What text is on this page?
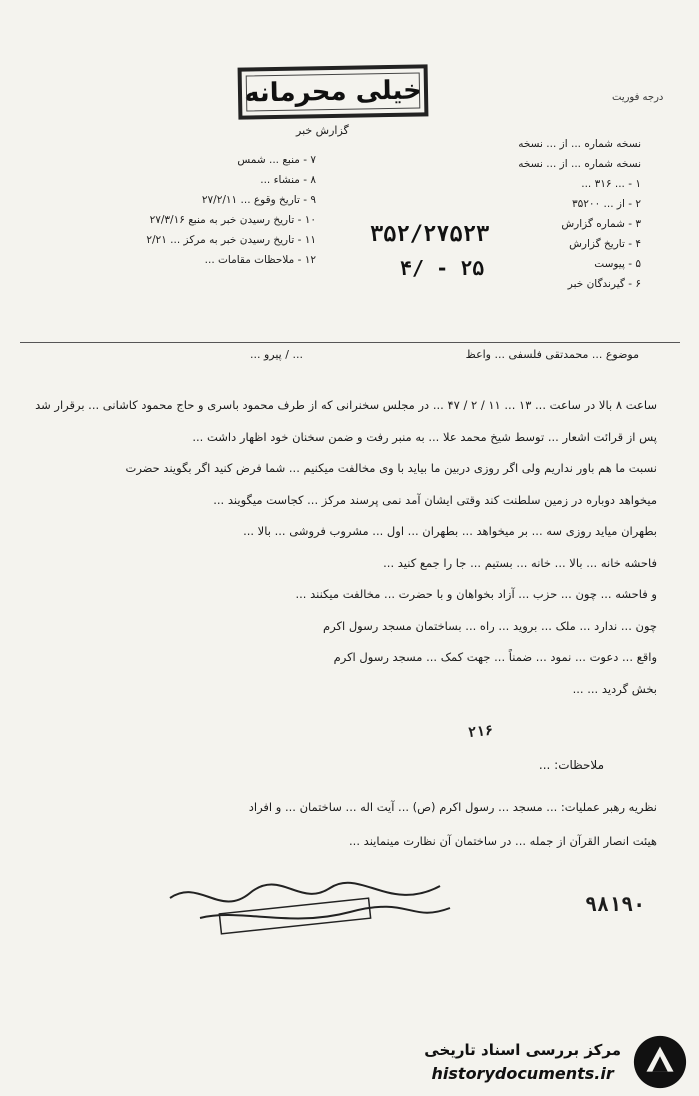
درجه فوریت
خیلی محرمانه
گزارش خبر
نسخه شماره ... از ... نسخه
نسخه شماره ... از ... نسخه
۱ - ... ۳۱۶ ...
۲ - از ... ۳۵۲۰۰
۳ - شماره گزارش
۴ - تاریخ گزارش
۵ - پیوست
۶ - گیرندگان خبر
۷ - منبع ... شمس
۸ - منشاء ...
۹ - تاریخ وقوع ... ۲۷/۲/۱۱
۱۰ - تاریخ رسیدن خبر به منبع ۲۷/۳/۱۶
۱۱ - تاریخ رسیدن خبر به مرکز ... ۲/۲۱
۱۲ - ملاحظات مقامات ...
۳۵۲/۲۷۵۲۳
۴/ - ۲۵
موضوع ... محمدتقی فلسفی ... واعظ
... / پیرو ...
ساعت ۸ بالا در ساعت ... ۱۳ ... ۱۱ / ۲ / ۴۷ ... در مجلس سخنرانی که از طرف محمود باسری و حاج محمود کاشانی ... برقرار شد
پس از قرائت اشعار ... توسط شیخ محمد علا ... به منبر رفت و ضمن سخنان خود اظهار داشت ...
نسبت ما هم باور نداریم ولی اگر روزی دربین ما بیاید با وی مخالفت میکنیم ... شما فرض کنید اگر بگویند حضرت
میخواهد دوباره در زمین سلطنت کند وقتی ایشان آمد نمی پرسند مرکز ... کجاست میگویند ...
بطهران میاید روزی سه ... بر میخواهد ... بطهران ... اول ... مشروب فروشی ... بالا ...
فاحشه خانه ... بالا ... خانه ... بستیم ... جا را جمع کنید ...
و فاحشه ... چون ... حزب ... آزاد بخواهان و با حضرت ... مخالفت میکنند ...
چون ... ندارد ... ملک ... بروید ... راه ... بساختمان مسجد رسول اکرم
واقع ... دعوت ... نمود ... ضمناً ... جهت کمک ... مسجد رسول اکرم
بخش گردید ... ...
۲۱۶
ملاحظات: ...
نظریه رهبر عملیات: ... مسجد ... رسول اکرم (ص) ... آیت اله ... ساختمان ... و افراد
هیئت انصار القرآن از جمله ... در ساختمان آن نظارت مینمایند ...
۹۸۱۹۰
مرکز بررسی اسناد تاریخی
historydocuments.ir
